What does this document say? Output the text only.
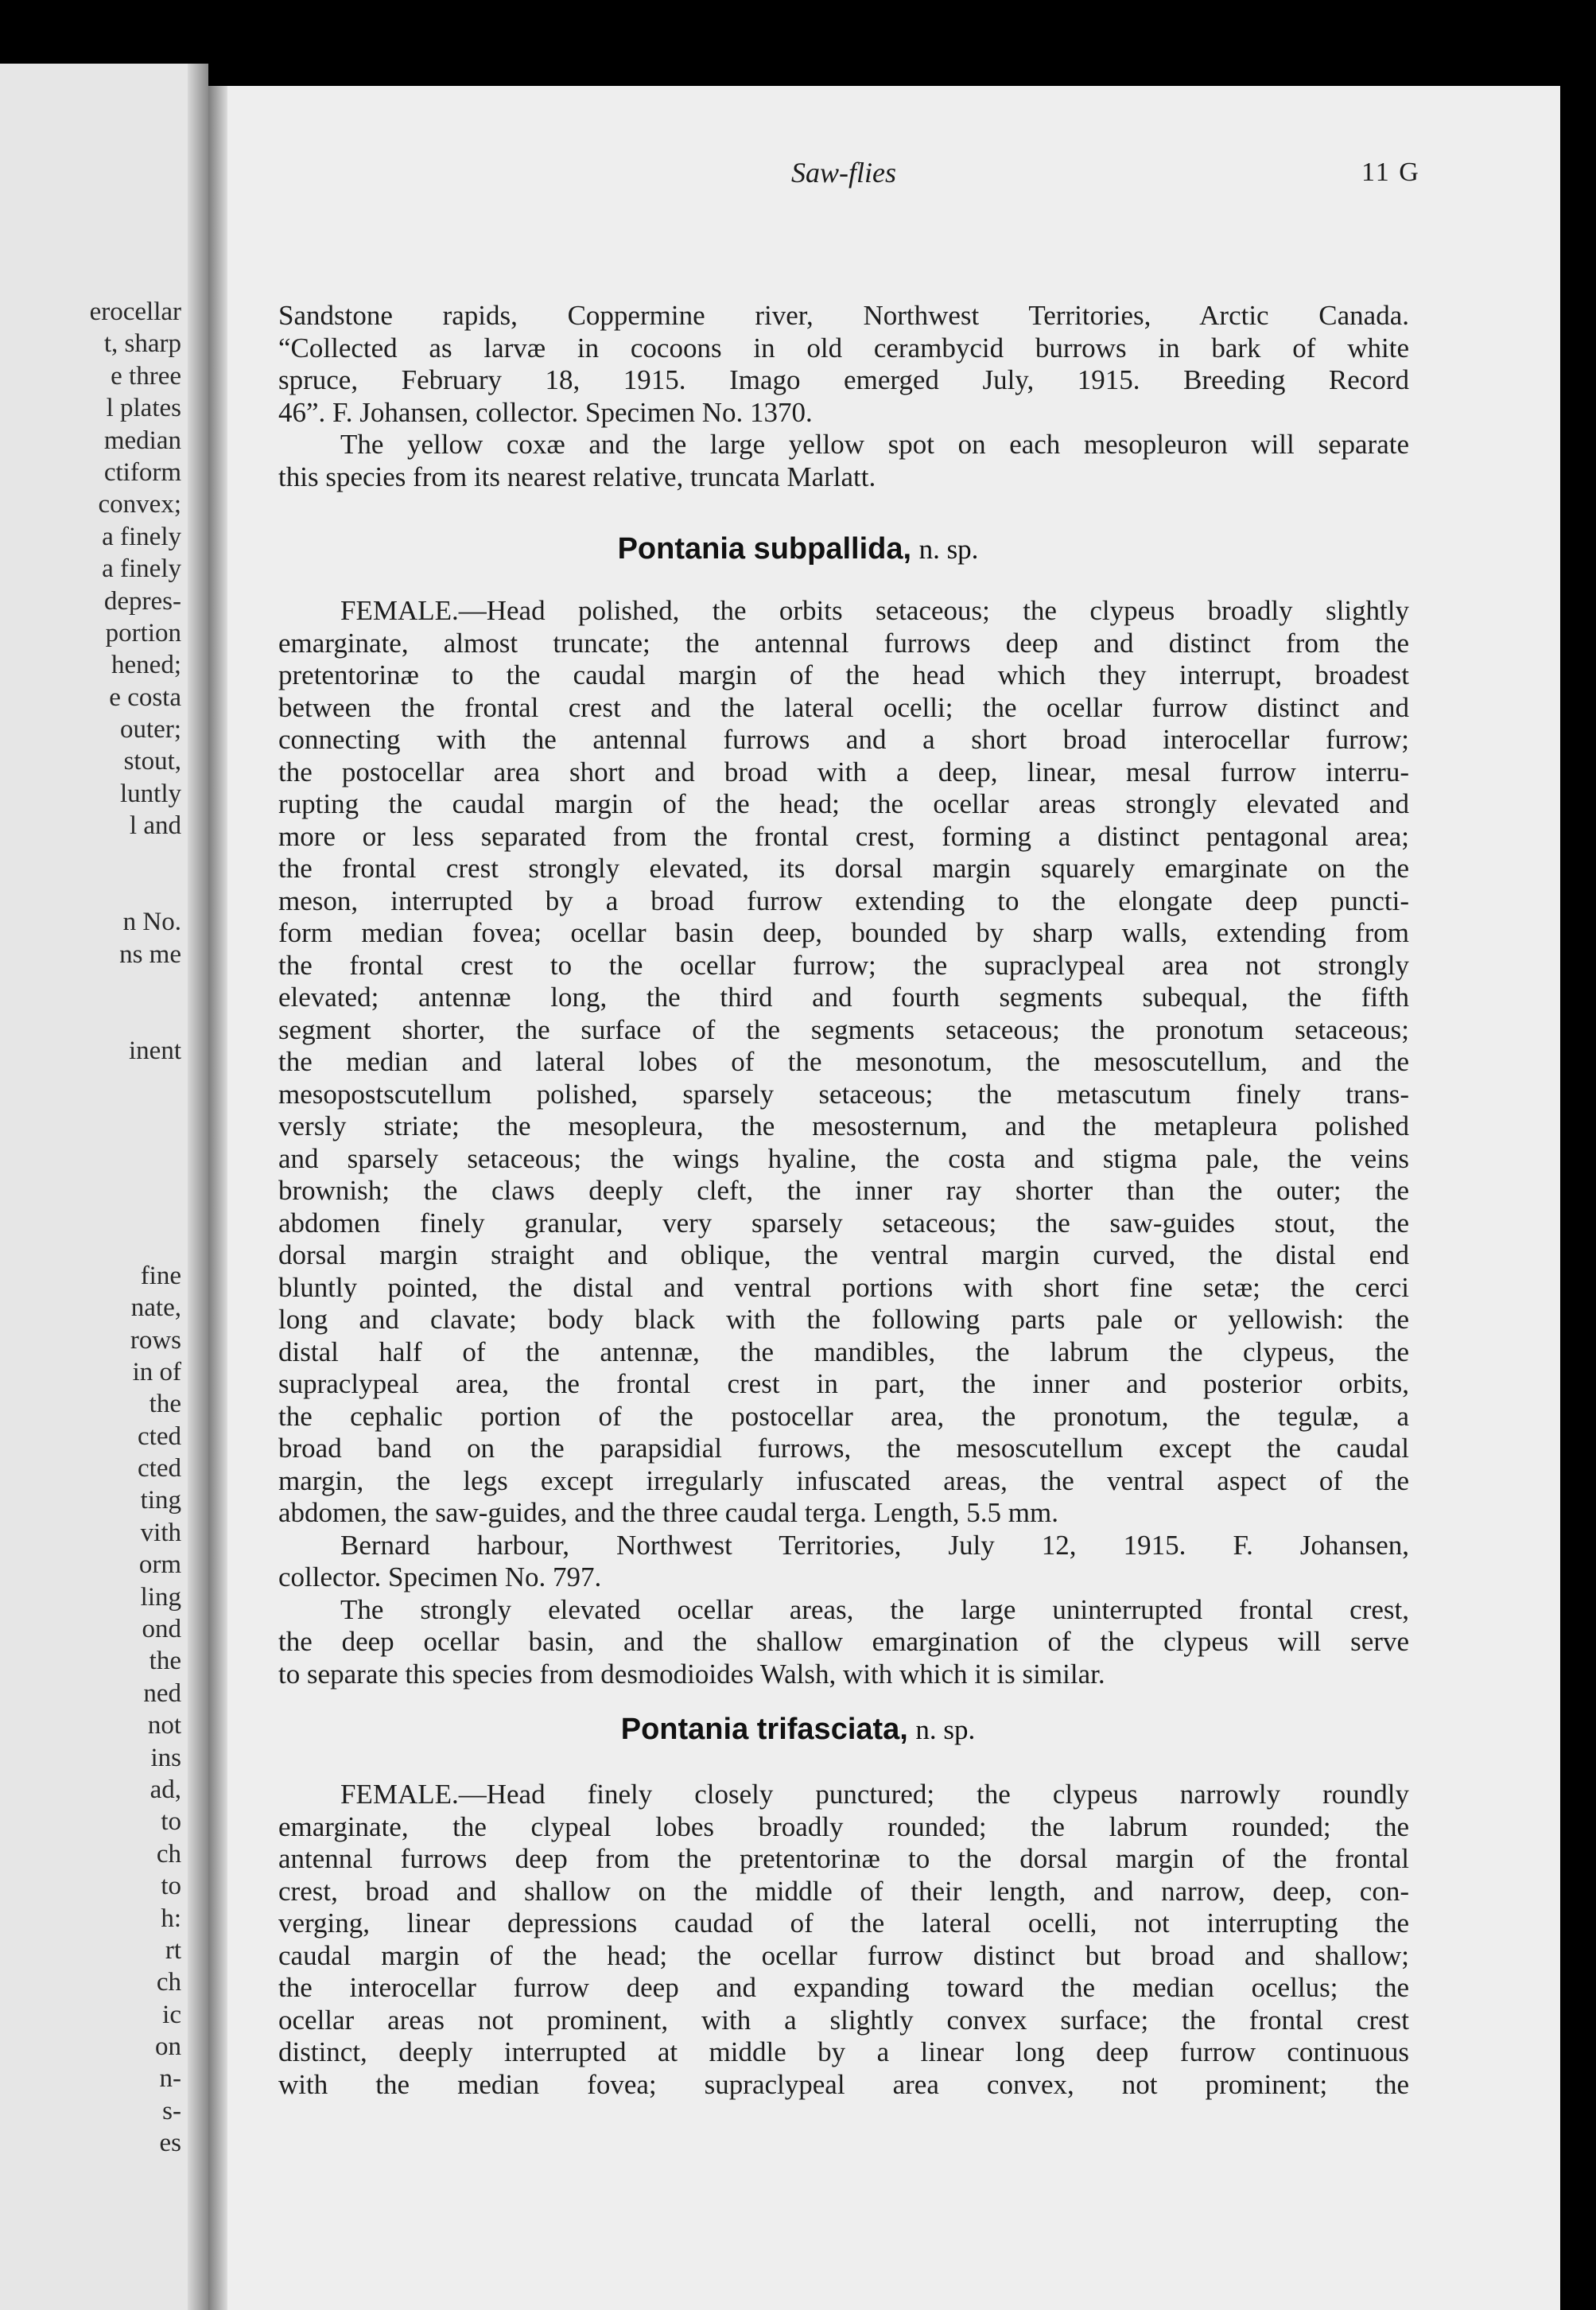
erocellar
t, sharp
e three
l plates
median
ctiform
convex;
a finely
a finely
depres-
portion
hened;
e costa
outer;
stout,
luntly
l and
n No.
ns me
inent
fine
nate,
rows
in of
the
cted
cted
ting
vith
orm
ling
ond
the
ned
not
ins
ad,
to
ch
to
h:
rt
ch
ic
on
n-
s-
es
Saw-flies	11 G
Sandstone rapids, Coppermine river, Northwest Territories, Arctic Canada.
“Collected as larvæ in cocoons in old cerambycid burrows in bark of white
spruce, February 18, 1915. Imago emerged July, 1915. Breeding Record
46”. F. Johansen, collector. Specimen No. 1370.
The yellow coxæ and the large yellow spot on each mesopleuron will separate
this species from its nearest relative, truncata Marlatt.
Pontania subpallida, n. sp.
FEMALE.—Head polished, the orbits setaceous; the clypeus broadly slightly
emarginate, almost truncate; the antennal furrows deep and distinct from the
pretentorinæ to the caudal margin of the head which they interrupt, broadest
between the frontal crest and the lateral ocelli; the ocellar furrow distinct and
connecting with the antennal furrows and a short broad interocellar furrow;
the postocellar area short and broad with a deep, linear, mesal furrow interru-
rupting the caudal margin of the head; the ocellar areas strongly elevated and
more or less separated from the frontal crest, forming a distinct pentagonal area;
the frontal crest strongly elevated, its dorsal margin squarely emarginate on the
meson, interrupted by a broad furrow extending to the elongate deep puncti-
form median fovea; ocellar basin deep, bounded by sharp walls, extending from
the frontal crest to the ocellar furrow; the supraclypeal area not strongly
elevated; antennæ long, the third and fourth segments subequal, the fifth
segment shorter, the surface of the segments setaceous; the pronotum setaceous;
the median and lateral lobes of the mesonotum, the mesoscutellum, and the
mesopostscutellum polished, sparsely setaceous; the metascutum finely trans-
versly striate; the mesopleura, the mesosternum, and the metapleura polished
and sparsely setaceous; the wings hyaline, the costa and stigma pale, the veins
brownish; the claws deeply cleft, the inner ray shorter than the outer; the
abdomen finely granular, very sparsely setaceous; the saw-guides stout, the
dorsal margin straight and oblique, the ventral margin curved, the distal end
bluntly pointed, the distal and ventral portions with short fine setæ; the cerci
long and clavate; body black with the following parts pale or yellowish: the
distal half of the antennæ, the mandibles, the labrum the clypeus, the
supraclypeal area, the frontal crest in part, the inner and posterior orbits,
the cephalic portion of the postocellar area, the pronotum, the tegulæ, a
broad band on the parapsidial furrows, the mesoscutellum except the caudal
margin, the legs except irregularly infuscated areas, the ventral aspect of the
abdomen, the saw-guides, and the three caudal terga. Length, 5.5 mm.
Bernard harbour, Northwest Territories, July 12, 1915. F. Johansen,
collector. Specimen No. 797.
The strongly elevated ocellar areas, the large uninterrupted frontal crest,
the deep ocellar basin, and the shallow emargination of the clypeus will serve
to separate this species from desmodioides Walsh, with which it is similar.
Pontania trifasciata, n. sp.
FEMALE.—Head finely closely punctured; the clypeus narrowly roundly
emarginate, the clypeal lobes broadly rounded; the labrum rounded; the
antennal furrows deep from the pretentorinæ to the dorsal margin of the frontal
crest, broad and shallow on the middle of their length, and narrow, deep, con-
verging, linear depressions caudad of the lateral ocelli, not interrupting the
caudal margin of the head; the ocellar furrow distinct but broad and shallow;
the interocellar furrow deep and expanding toward the median ocellus; the
ocellar areas not prominent, with a slightly convex surface; the frontal crest
distinct, deeply interrupted at middle by a linear long deep furrow continuous
with the median fovea; supraclypeal area convex, not prominent; the
